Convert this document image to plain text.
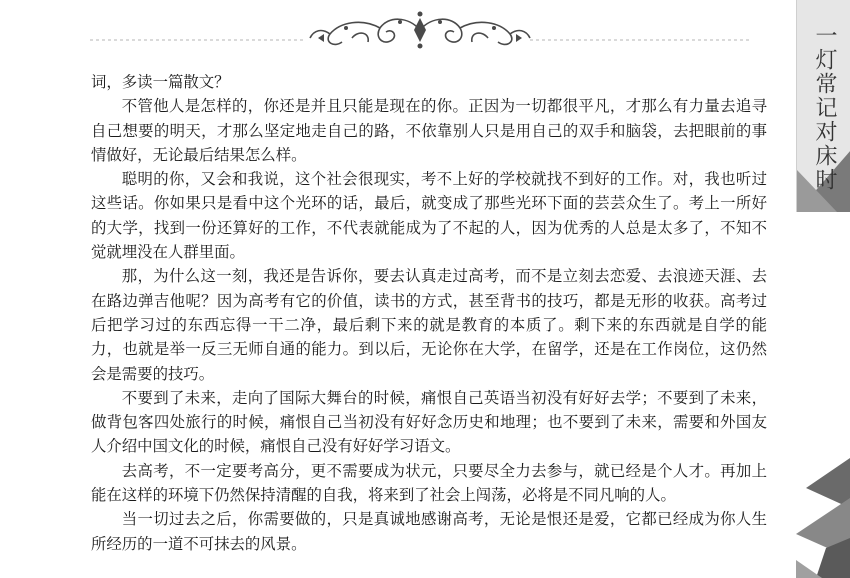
一灯常记对床时

词，多读一篇散文？

不管他人是怎样的，你还是并且只能是现在的你。正因为一切都很平凡，才那么有力量去追寻自己想要的明天，才那么坚定地走自己的路，不依靠别人只是用自己的双手和脑袋，去把眼前的事情做好，无论最后结果怎么样。

聪明的你，又会和我说，这个社会很现实，考不上好的学校就找不到好的工作。对，我也听过这些话。你如果只是看中这个光环的话，最后，就变成了那些光环下面的芸芸众生了。考上一所好的大学，找到一份还算好的工作，不代表就能成为了不起的人，因为优秀的人总是太多了，不知不觉就埋没在人群里面。

那，为什么这一刻，我还是告诉你，要去认真走过高考，而不是立刻去恋爱、去浪迹天涯、去在路边弹吉他呢？因为高考有它的价值，读书的方式，甚至背书的技巧，都是无形的收获。高考过后把学习过的东西忘得一干二净，最后剩下来的就是教育的本质了。剩下来的东西就是自学的能力，也就是举一反三无师自通的能力。到以后，无论你在大学，在留学，还是在工作岗位，这仍然会是需要的技巧。

不要到了未来，走向了国际大舞台的时候，痛恨自己英语当初没有好好去学；不要到了未来，做背包客四处旅行的时候，痛恨自己当初没有好好念历史和地理；也不要到了未来，需要和外国友人介绍中国文化的时候，痛恨自己没有好好学习语文。

去高考，不一定要考高分，更不需要成为状元，只要尽全力去参与，就已经是个人才。再加上能在这样的环境下仍然保持清醒的自我，将来到了社会上闯荡，必将是不同凡响的人。

当一切过去之后，你需要做的，只是真诚地感谢高考，无论是恨还是爱，它都已经成为你人生所经历的一道不可抹去的风景。
